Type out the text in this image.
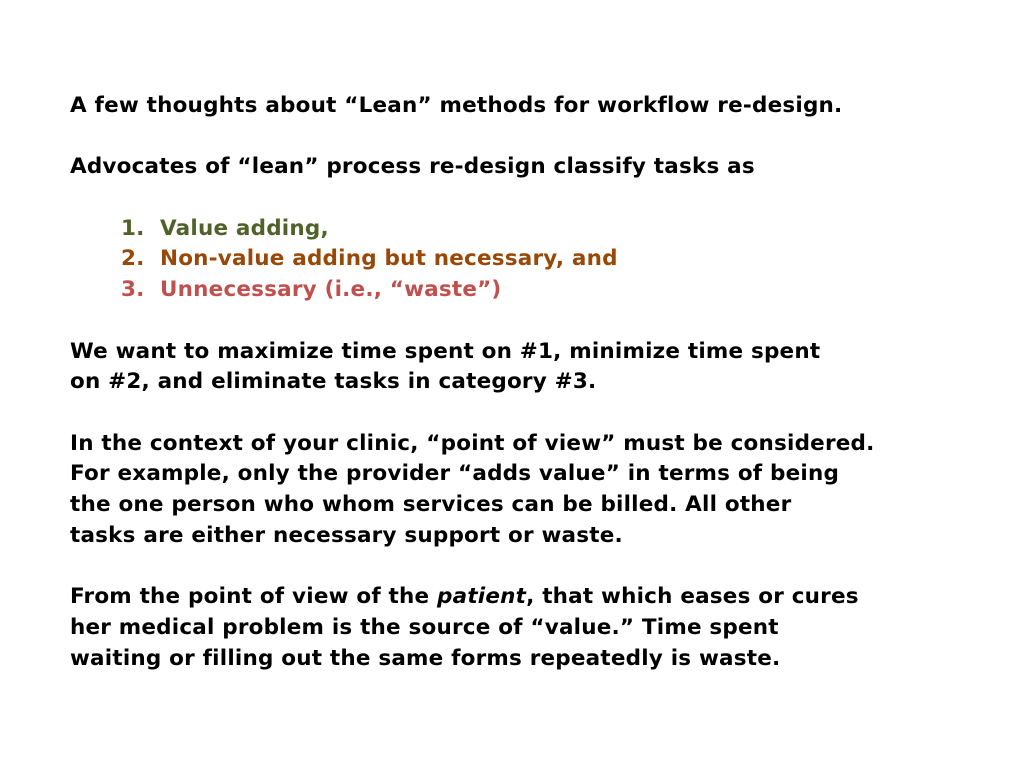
A few thoughts about “Lean” methods for workflow re-design.

Advocates of “lean” process re-design classify tasks as

1. Value adding,
2. Non-value adding but necessary, and
3. Unnecessary (i.e., “waste”)
We want to maximize time spent on #1, minimize time spent
on #2, and eliminate tasks in category #3.
In the context of your clinic, “point of view” must be considered.
For example, only the provider “adds value” in terms of being
the one person who whom services can be billed. All other
tasks are either necessary support or waste.
From the point of view of the patient, that which eases or cures
her medical problem is the source of “value.” Time spent
waiting or filling out the same forms repeatedly is waste.
